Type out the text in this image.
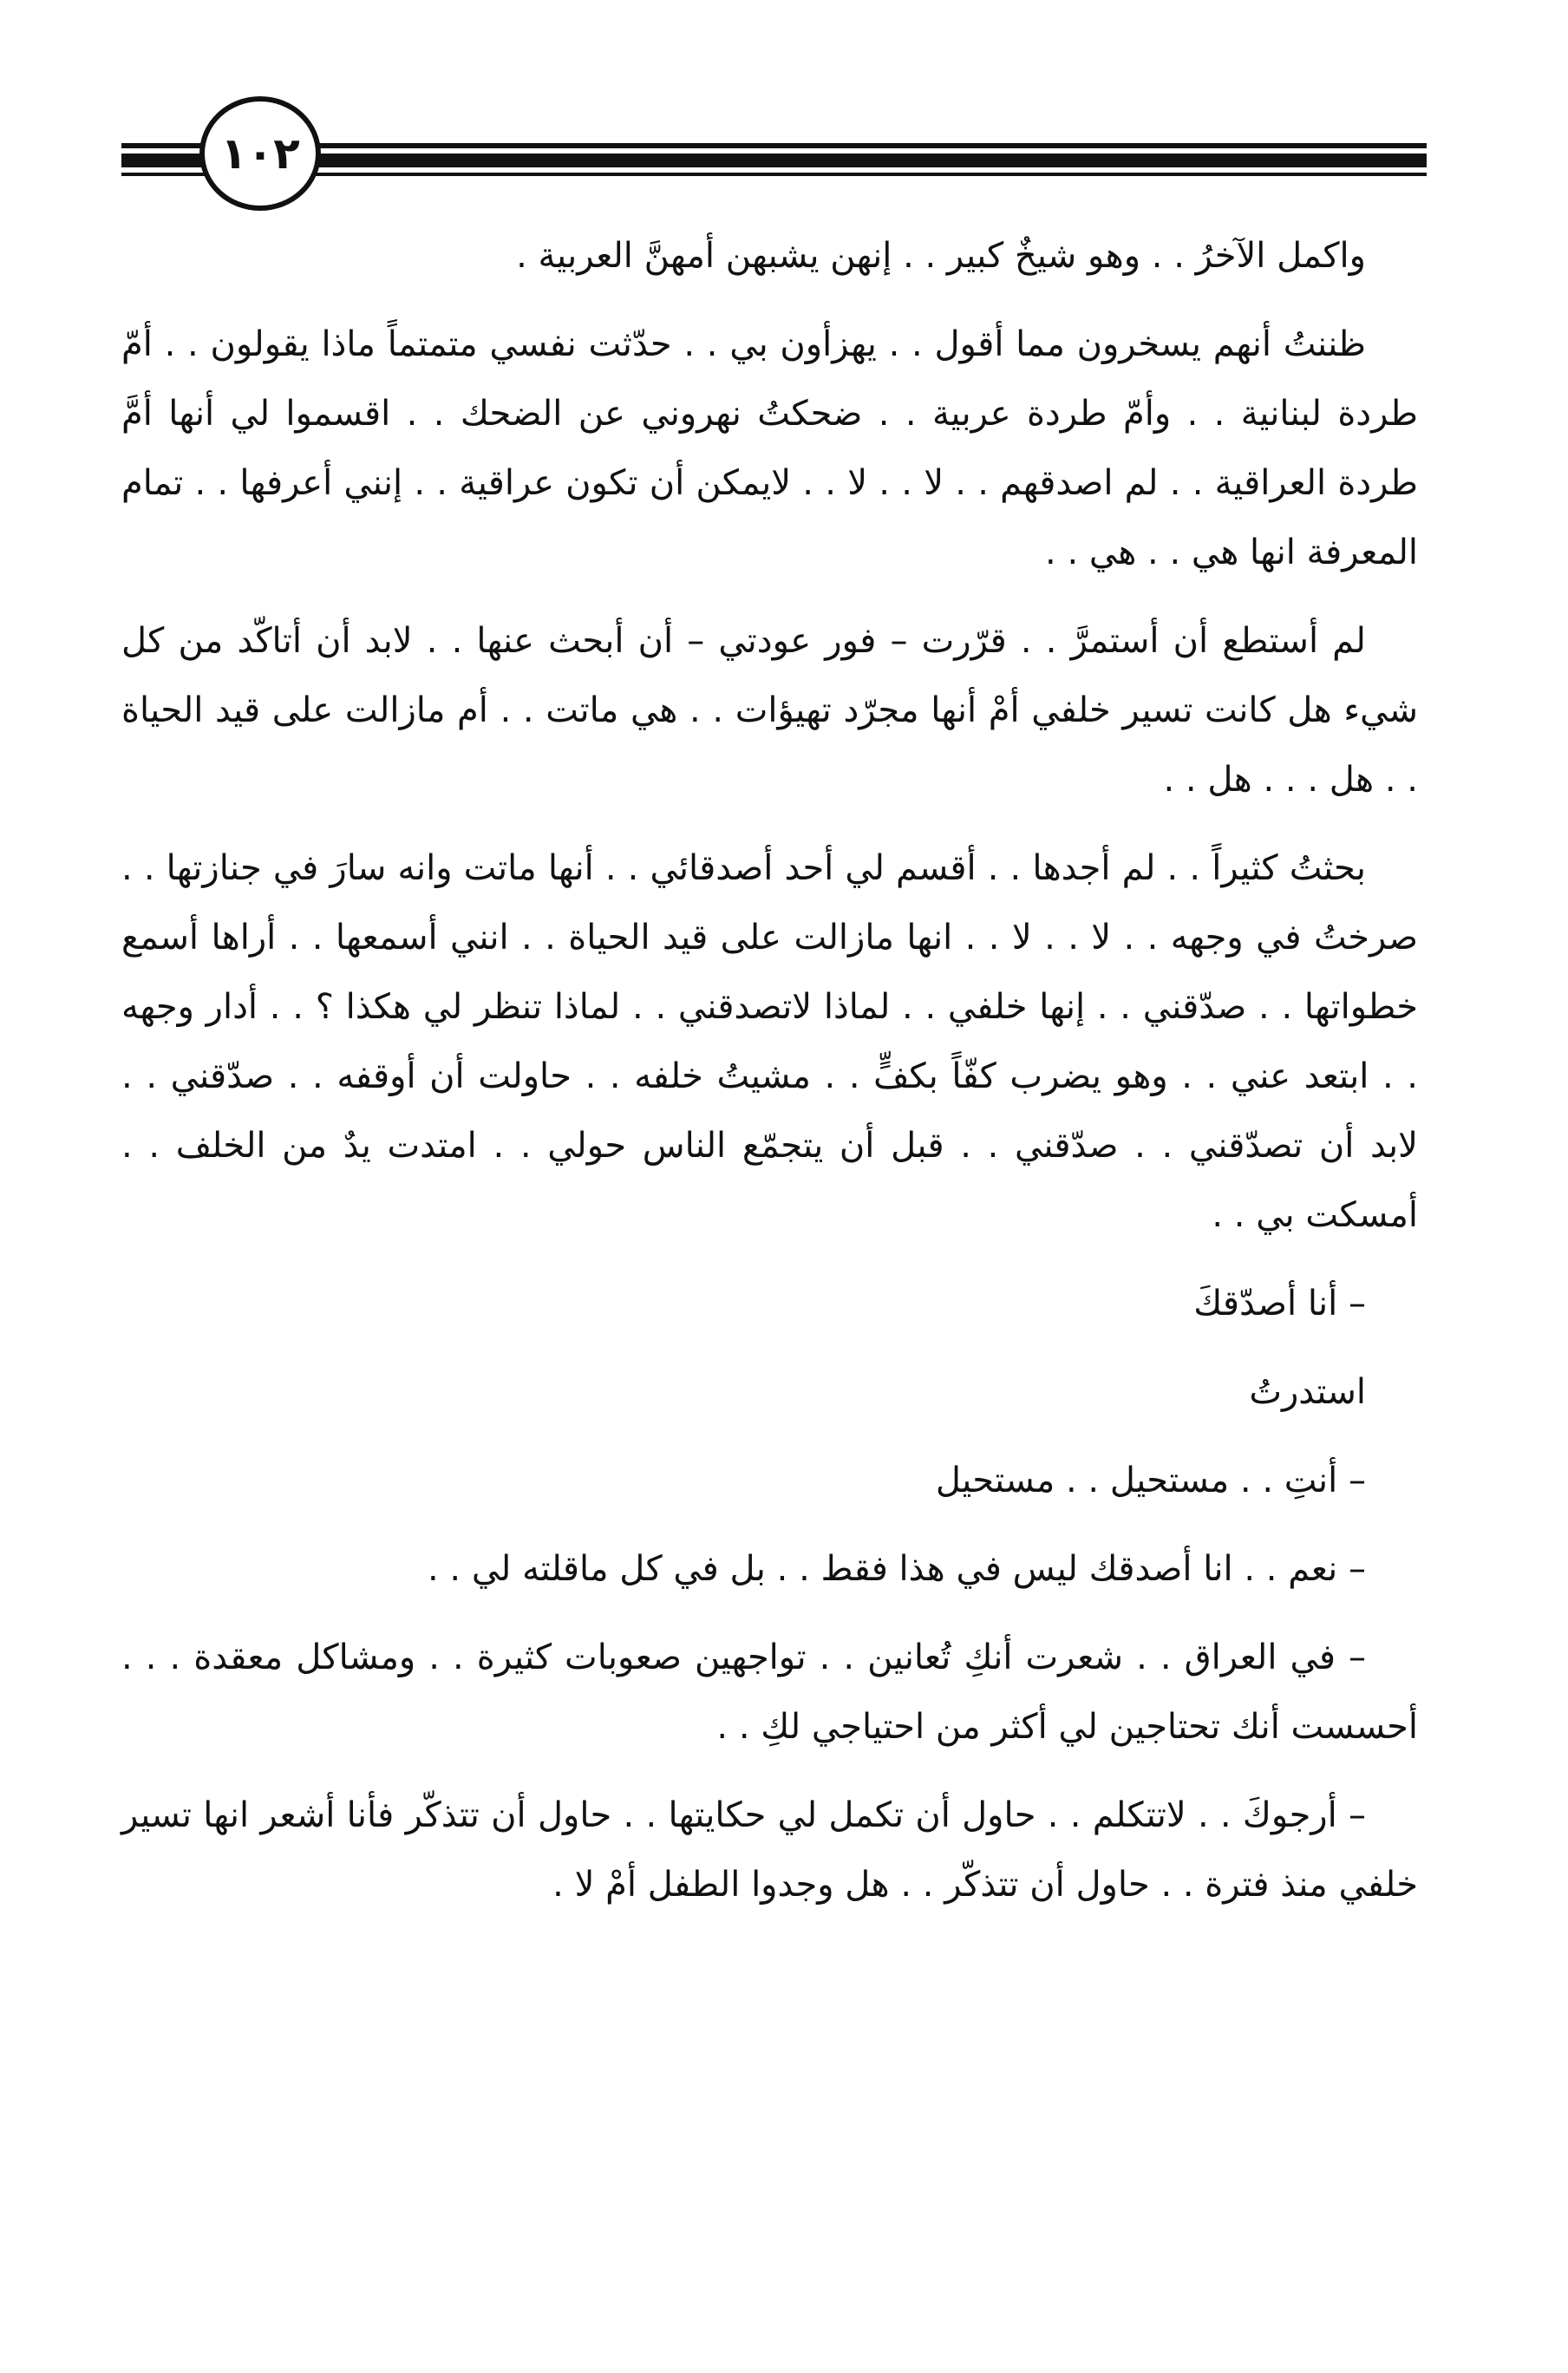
١٠٢

واكمل الآخرُ . . وهو شيخٌ كبير . . إنهن يشبهن أمهنَّ العربية .

ظننتُ أنهم يسخرون مما أقول . . يهزأون بي . . حدّثت نفسي متمتماً ماذا يقولون . . أمّ طردة لبنانية . . وأمّ طردة عربية . . ضحكتُ نهروني عن الضحك . . اقسموا لي أنها أمَّ طردة العراقية . . لم اصدقهم . . لا . . لا . . لايمكن أن تكون عراقية . . إنني أعرفها . . تمام المعرفة انها هي . . هي . .

لم أستطع أن أستمرَّ . . قرّرت – فور عودتي – أن أبحث عنها . . لابد أن أتاكّد من كل شيء هل كانت تسير خلفي أمْ أنها مجرّد تهيؤات . . هي ماتت . . أم مازالت على قيد الحياة . . هل . . . هل . .

بحثتُ كثيراً . . لم أجدها . . أقسم لي أحد أصدقائي . . أنها ماتت وانه سارَ في جنازتها . . صرختُ في وجهه . . لا . . لا . . انها مازالت على قيد الحياة . . انني أسمعها . . أراها أسمع خطواتها . . صدّقني . . إنها خلفي . . لماذا لاتصدقني . . لماذا تنظر لي هكذا ؟ . . أدار وجهه . . ابتعد عني . . وهو يضرب كفّاً بكفٍّ . . مشيتُ خلفه . . حاولت أن أوقفه . . صدّقني . . لابد أن تصدّقني . . صدّقني . . قبل أن يتجمّع الناس حولي . . امتدت يدٌ من الخلف . . أمسكت بي . .

– أنا أصدّقكَ

استدرتُ

– أنتِ . . مستحيل . . مستحيل

– نعم . . انا أصدقك ليس في هذا فقط . . بل في كل ماقلته لي . .

– في العراق . . شعرت أنكِ تُعانين . . تواجهين صعوبات كثيرة . . ومشاكل معقدة . . . أحسست أنك تحتاجين لي أكثر من احتياجي لكِ . .

– أرجوكَ . . لاتتكلم . . حاول أن تكمل لي حكايتها . . حاول أن تتذكّر فأنا أشعر انها تسير خلفي منذ فترة . . حاول أن تتذكّر . . هل وجدوا الطفل أمْ لا .
